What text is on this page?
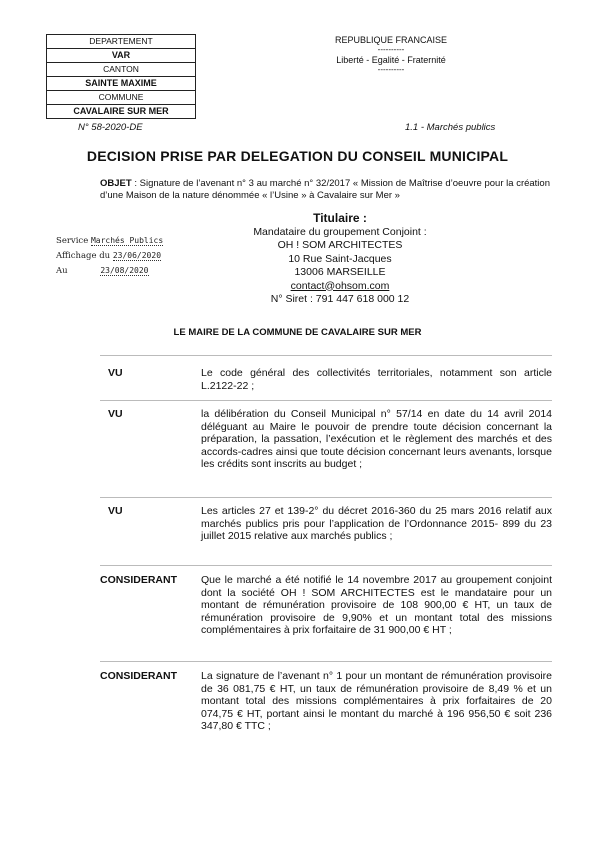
DEPARTEMENT
VAR
CANTON
SAINTE MAXIME
COMMUNE
CAVALAIRE SUR MER
REPUBLIQUE FRANCAISE
----------
Liberté - Egalité - Fraternité
----------
N° 58-2020-DE	1.1 - Marchés publics
DECISION PRISE PAR DELEGATION DU CONSEIL MUNICIPAL
OBJET : Signature de l’avenant n° 3 au marché n° 32/2017 « Mission de Maîtrise d’oeuvre pour la création d’une Maison de la nature dénommée « l’Usine » à Cavalaire sur Mer »
Service Marchés Publics
Affichage du 23/06/2020
Au	23/08/2020
Titulaire :
Mandataire du groupement Conjoint :
OH ! SOM ARCHITECTES
10 Rue Saint-Jacques
13006 MARSEILLE
contact@ohsom.com
N° Siret : 791 447 618 000 12
LE MAIRE DE LA COMMUNE DE CAVALAIRE SUR MER
VU	Le code général des collectivités territoriales, notamment son article L.2122-22 ;
VU	la délibération du Conseil Municipal n° 57/14 en date du 14 avril 2014 déléguant au Maire le pouvoir de prendre toute décision concernant la préparation, la passation, l’exécution et le règlement des marchés et des accords-cadres ainsi que toute décision concernant leurs avenants, lorsque les crédits sont inscrits au budget ;
VU	Les articles 27 et 139-2° du décret 2016-360 du 25 mars 2016 relatif aux marchés publics pris pour l’application de l’Ordonnance 2015- 899 du 23 juillet 2015 relative aux marchés publics ;
CONSIDERANT Que le marché a été notifié le 14 novembre 2017 au groupement conjoint dont la société OH ! SOM ARCHITECTES est le mandataire pour un montant de rémunération provisoire de 108 900,00 € HT, un taux de rémunération provisoire de 9,90% et un montant total des missions complémentaires à prix forfaitaire de 31 900,00 € HT ;
CONSIDERANT La signature de l’avenant n° 1 pour un montant de rémunération provisoire de 36 081,75 € HT, un taux de rémunération provisoire de 8,49 % et un montant total des missions complémentaires à prix forfaitaires de 20 074,75 € HT, portant ainsi le montant du marché à 196 956,50 € soit 236 347,80 € TTC ;
